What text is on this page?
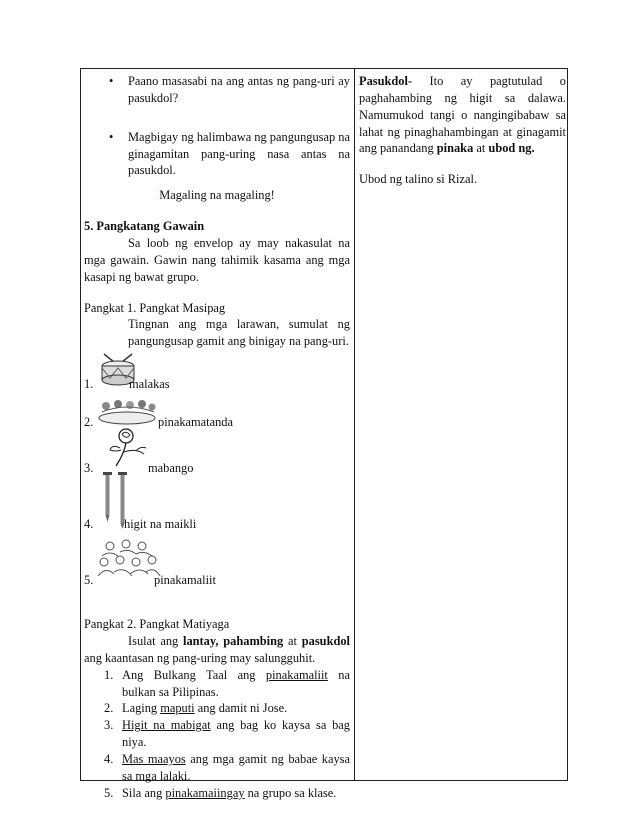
• Paano masasabi na ang antas ng pang-uri ay pasukdol?
• Magbigay ng halimbawa ng pangungusap na ginagamitan pang-uring nasa antas na pasukdol.
Magaling na magaling!
5. Pangkatang Gawain
Sa loob ng envelop ay may nakasulat na mga gawain. Gawin nang tahimik kasama ang mga kasapi ng bawat grupo.
Pangkat 1. Pangkat Masipag
Tingnan ang mga larawan, sumulat ng pangungusap gamit ang binigay na pang-uri.
1.	malakas
2.	pinakamatanda
3.	mabango
4. higit na maikli
5.	pinakamaliit
Pangkat 2. Pangkat Matiyaga
Isulat ang lantay, pahambing at pasukdol ang kaantasan ng pang-uring may salungguhit.
1. Ang Bulkang Taal ang pinakamaliit na bulkan sa Pilipinas.
2. Laging maputi ang damit ni Jose.
3. Higit na mabigat ang bag ko kaysa sa bag niya.
4. Mas maayos ang mga gamit ng babae kaysa sa mga lalaki.
5. Sila ang pinakamaiingay na grupo sa klase.
Pasukdol- Ito ay pagtutulad o paghahambing ng higit sa dalawa. Namumukod tangi o nangingibabaw sa lahat ng pinaghahambingan at ginagamit ang panandang pinaka at ubod ng.
Ubod ng talino si Rizal.
